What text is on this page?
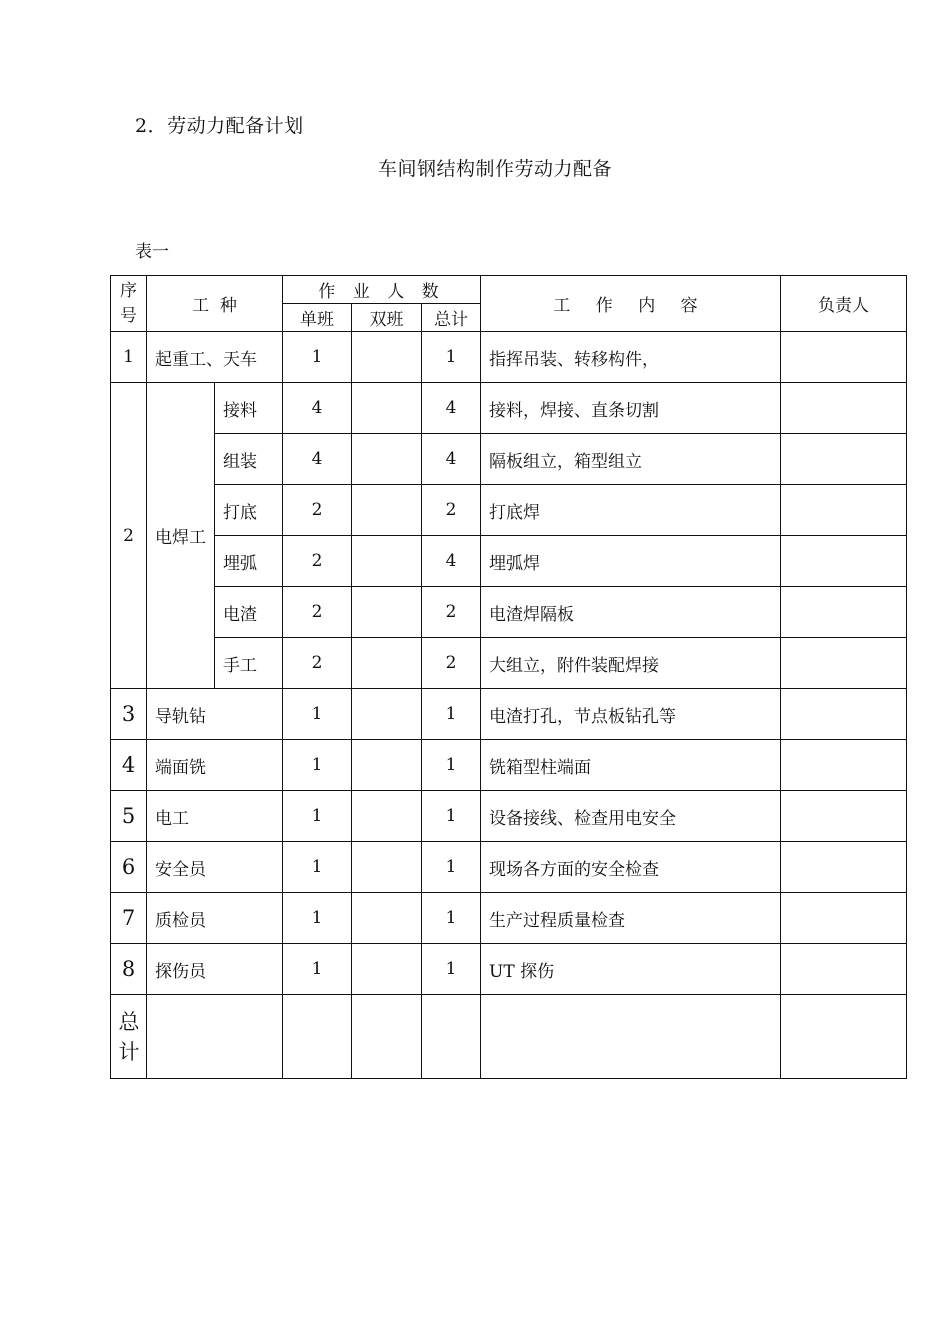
2．劳动力配备计划
车间钢结构制作劳动力配备
表一
序号	工  种		作 业 人 数			工 作 内 容	负责人
			单班	双班	总计		
1	起重工、天车		1		1	指挥吊装、转移构件，	
2	电焊工	接料	4		4	接料，焊接、直条切割	
		组装	4		4	隔板组立，箱型组立	
		打底	2		2	打底焊	
		埋弧	2		4	埋弧焊	
		电渣	2		2	电渣焊隔板	
		手工	2		2	大组立，附件装配焊接	
3	导轨钻		1		1	电渣打孔，节点板钻孔等	
4	端面铣		1		1	铣箱型柱端面	
5	电工		1		1	设备接线、检查用电安全	
6	安全员		1		1	现场各方面的安全检查	
7	质检员		1		1	生产过程质量检查	
8	探伤员		1		1	UT 探伤	
总计							
